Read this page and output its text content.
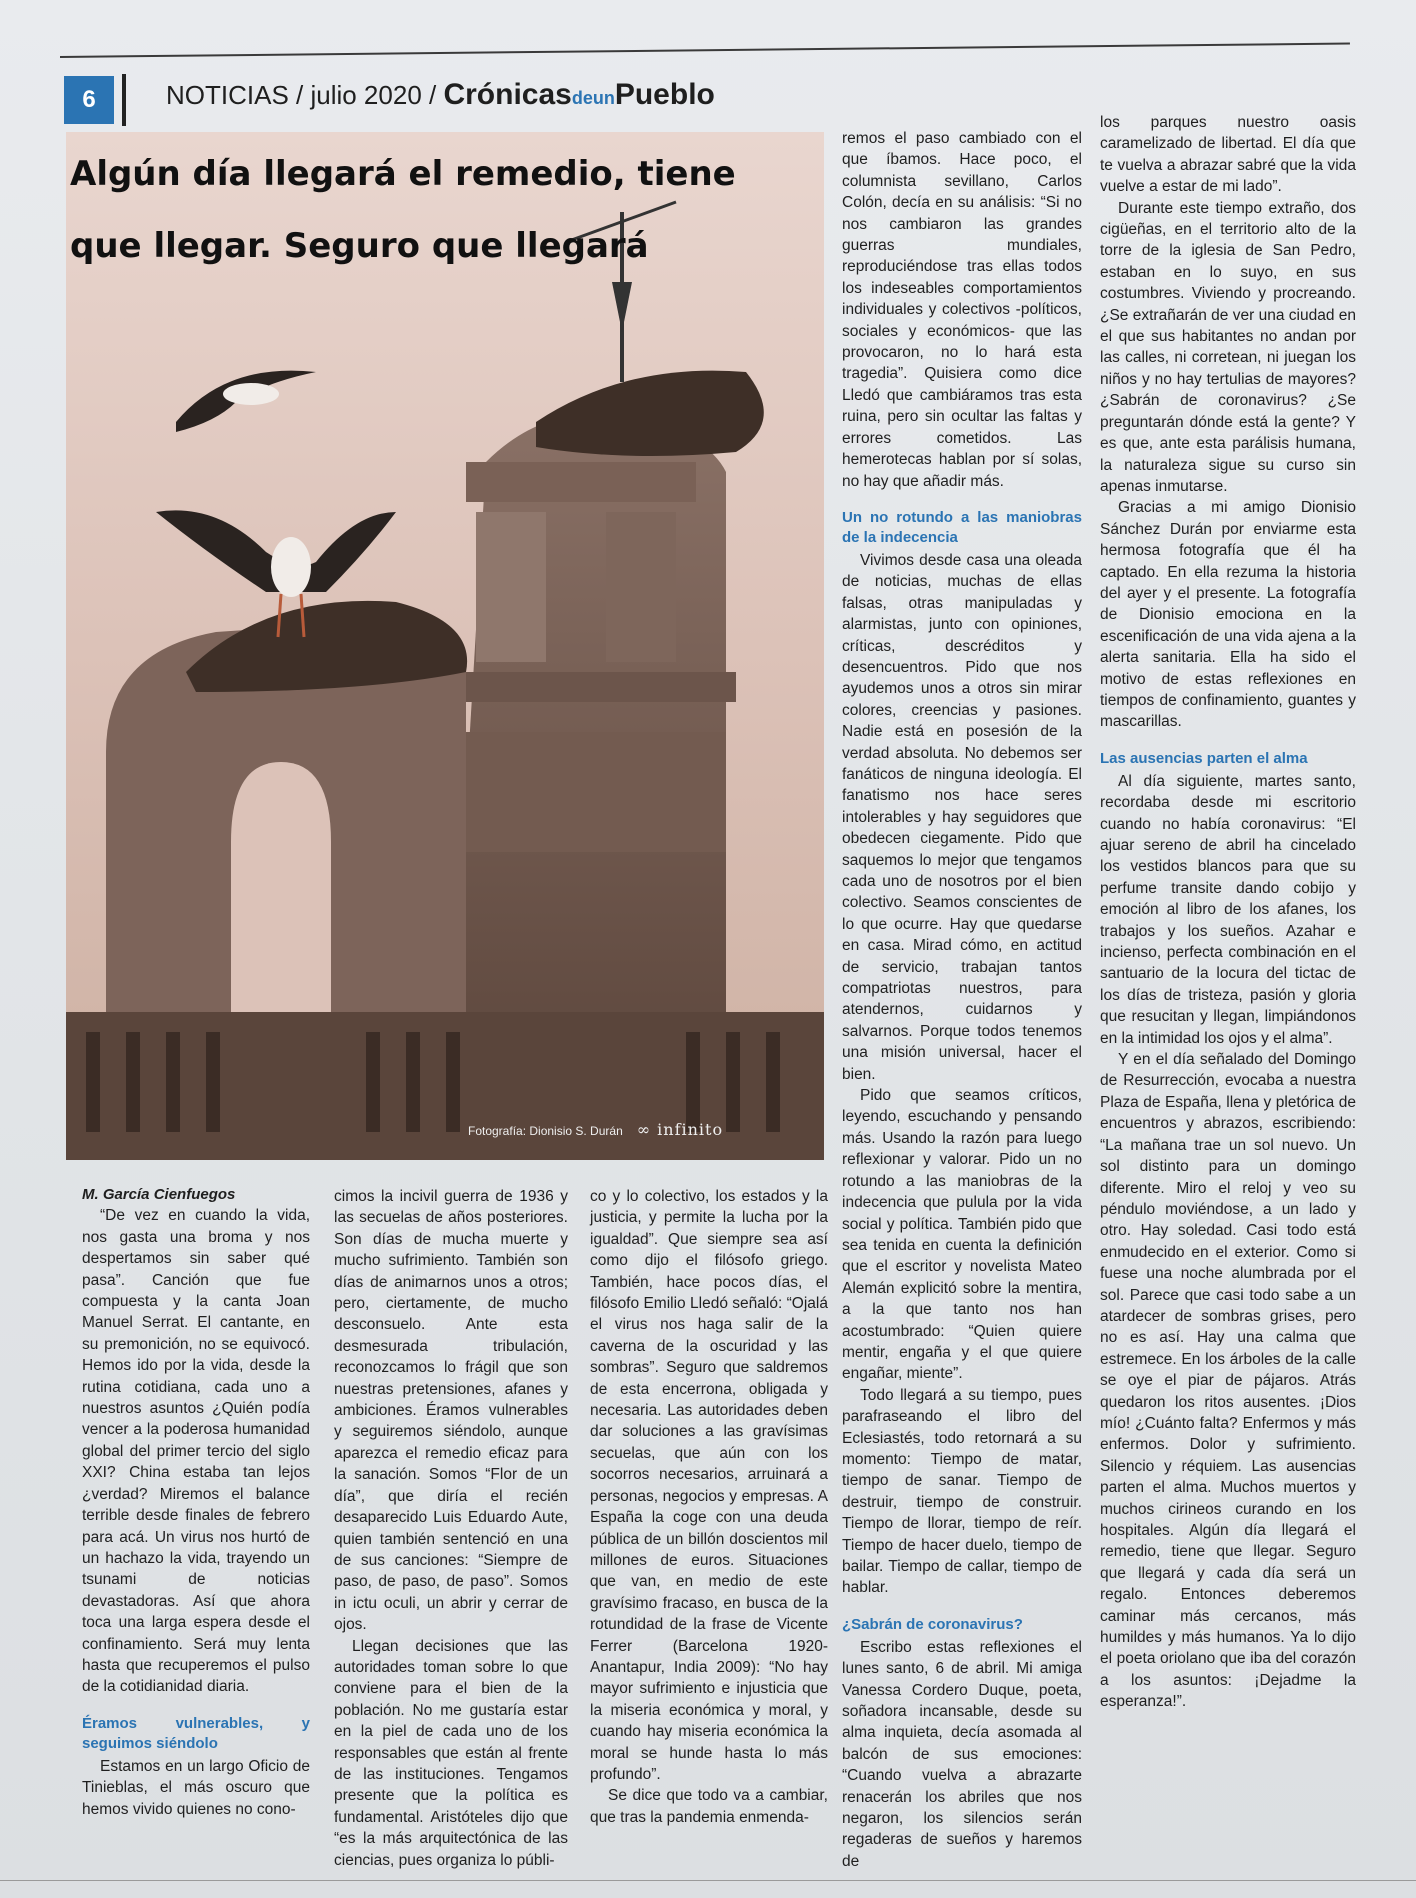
6	NOTICIAS / julio 2020 / CrónicasdeunPueblo
Algún día llegará el remedio, tiene que llegar. Seguro que llegará
Fotografía: Dionisio S. Durán ∞ infinito

M. García Cienfuegos

“De vez en cuando la vida, nos gasta una broma y nos despertamos sin saber qué pasa”. Canción que fue compuesta y la canta Joan Manuel Serrat. El cantante, en su premonición, no se equivocó. Hemos ido por la vida, desde la rutina cotidiana, cada uno a nuestros asuntos ¿Quién podía vencer a la poderosa humanidad global del primer tercio del siglo XXI? China estaba tan lejos ¿verdad? Miremos el balance terrible desde finales de febrero para acá. Un virus nos hurtó de un hachazo la vida, trayendo un tsunami de noticias devastadoras. Así que ahora toca una larga espera desde el confinamiento. Será muy lenta hasta que recuperemos el pulso de la cotidianidad diaria.

Éramos vulnerables, y seguimos siéndolo

Estamos en un largo Oficio de Tinieblas, el más oscuro que hemos vivido quienes no cono-

cimos la incivil guerra de 1936 y las secuelas de años posteriores. Son días de mucha muerte y mucho sufrimiento. También son días de animarnos unos a otros; pero, ciertamente, de mucho desconsuelo. Ante esta desmesurada tribulación, reconozcamos lo frágil que son nuestras pretensiones, afanes y ambiciones. Éramos vulnerables y seguiremos siéndolo, aunque aparezca el remedio eficaz para la sanación. Somos “Flor de un día”, que diría el recién desaparecido Luis Eduardo Aute, quien también sentenció en una de sus canciones: “Siempre de paso, de paso, de paso”. Somos in ictu oculi, un abrir y cerrar de ojos.

Llegan decisiones que las autoridades toman sobre lo que conviene para el bien de la población. No me gustaría estar en la piel de cada uno de los responsables que están al frente de las instituciones. Tengamos presente que la política es fundamental. Aristóteles dijo que “es la más arquitectónica de las ciencias, pues organiza lo públi-

co y lo colectivo, los estados y la justicia, y permite la lucha por la igualdad”. Que siempre sea así como dijo el filósofo griego. También, hace pocos días, el filósofo Emilio Lledó señaló: “Ojalá el virus nos haga salir de la caverna de la oscuridad y las sombras”. Seguro que saldremos de esta encerrona, obligada y necesaria. Las autoridades deben dar soluciones a las gravísimas secuelas, que aún con los socorros necesarios, arruinará a personas, negocios y empresas. A España la coge con una deuda pública de un billón doscientos mil millones de euros. Situaciones que van, en medio de este gravísimo fracaso, en busca de la rotundidad de la frase de Vicente Ferrer (Barcelona 1920-Anantapur, India 2009): “No hay mayor sufrimiento e injusticia que la miseria económica y moral, y cuando hay miseria económica la moral se hunde hasta lo más profundo”.

Se dice que todo va a cambiar, que tras la pandemia enmenda-

remos el paso cambiado con el que íbamos. Hace poco, el columnista sevillano, Carlos Colón, decía en su análisis: “Si no nos cambiaron las grandes guerras mundiales, reproduciéndose tras ellas todos los indeseables comportamientos individuales y colectivos -políticos, sociales y económicos- que las provocaron, no lo hará esta tragedia”. Quisiera como dice Lledó que cambiáramos tras esta ruina, pero sin ocultar las faltas y errores cometidos. Las hemerotecas hablan por sí solas, no hay que añadir más.

Un no rotundo a las maniobras de la indecencia

Vivimos desde casa una oleada de noticias, muchas de ellas falsas, otras manipuladas y alarmistas, junto con opiniones, críticas, descréditos y desencuentros. Pido que nos ayudemos unos a otros sin mirar colores, creencias y pasiones. Nadie está en posesión de la verdad absoluta. No debemos ser fanáticos de ninguna ideología. El fanatismo nos hace seres intolerables y hay seguidores que obedecen ciegamente. Pido que saquemos lo mejor que tengamos cada uno de nosotros por el bien colectivo. Seamos conscientes de lo que ocurre. Hay que quedarse en casa. Mirad cómo, en actitud de servicio, trabajan tantos compatriotas nuestros, para atendernos, cuidarnos y salvarnos. Porque todos tenemos una misión universal, hacer el bien.

Pido que seamos críticos, leyendo, escuchando y pensando más. Usando la razón para luego reflexionar y valorar. Pido un no rotundo a las maniobras de la indecencia que pulula por la vida social y política. También pido que sea tenida en cuenta la definición que el escritor y novelista Mateo Alemán explicitó sobre la mentira, a la que tanto nos han acostumbrado: “Quien quiere mentir, engaña y el que quiere engañar, miente”.

Todo llegará a su tiempo, pues parafraseando el libro del Eclesiastés, todo retornará a su momento: Tiempo de matar, tiempo de sanar. Tiempo de destruir, tiempo de construir. Tiempo de llorar, tiempo de reír. Tiempo de hacer duelo, tiempo de bailar. Tiempo de callar, tiempo de hablar.

¿Sabrán de coronavirus?

Escribo estas reflexiones el lunes santo, 6 de abril. Mi amiga Vanessa Cordero Duque, poeta, soñadora incansable, desde su alma inquieta, decía asomada al balcón de sus emociones: “Cuando vuelva a abrazarte renacerán los abriles que nos negaron, los silencios serán regaderas de sueños y haremos de

los parques nuestro oasis caramelizado de libertad. El día que te vuelva a abrazar sabré que la vida vuelve a estar de mi lado”.

Durante este tiempo extraño, dos cigüeñas, en el territorio alto de la torre de la iglesia de San Pedro, estaban en lo suyo, en sus costumbres. Viviendo y procreando. ¿Se extrañarán de ver una ciudad en el que sus habitantes no andan por las calles, ni corretean, ni juegan los niños y no hay tertulias de mayores? ¿Sabrán de coronavirus? ¿Se preguntarán dónde está la gente? Y es que, ante esta parálisis humana, la naturaleza sigue su curso sin apenas inmutarse.

Gracias a mi amigo Dionisio Sánchez Durán por enviarme esta hermosa fotografía que él ha captado. En ella rezuma la historia del ayer y el presente. La fotografía de Dionisio emociona en la escenificación de una vida ajena a la alerta sanitaria. Ella ha sido el motivo de estas reflexiones en tiempos de confinamiento, guantes y mascarillas.

Las ausencias parten el alma

Al día siguiente, martes santo, recordaba desde mi escritorio cuando no había coronavirus: “El ajuar sereno de abril ha cincelado los vestidos blancos para que su perfume transite dando cobijo y emoción al libro de los afanes, los trabajos y los sueños. Azahar e incienso, perfecta combinación en el santuario de la locura del tictac de los días de tristeza, pasión y gloria que resucitan y llegan, limpiándonos en la intimidad los ojos y el alma”.

Y en el día señalado del Domingo de Resurrección, evocaba a nuestra Plaza de España, llena y pletórica de encuentros y abrazos, escribiendo: “La mañana trae un sol nuevo. Un sol distinto para un domingo diferente. Miro el reloj y veo su péndulo moviéndose, a un lado y otro. Hay soledad. Casi todo está enmudecido en el exterior. Como si fuese una noche alumbrada por el sol. Parece que casi todo sabe a un atardecer de sombras grises, pero no es así. Hay una calma que estremece. En los árboles de la calle se oye el piar de pájaros. Atrás quedaron los ritos ausentes. ¡Dios mío! ¿Cuánto falta? Enfermos y más enfermos. Dolor y sufrimiento. Silencio y réquiem. Las ausencias parten el alma. Muchos muertos y muchos cirineos curando en los hospitales. Algún día llegará el remedio, tiene que llegar. Seguro que llegará y cada día será un regalo. Entonces deberemos caminar más cercanos, más humildes y más humanos. Ya lo dijo el poeta oriolano que iba del corazón a los asuntos: ¡Dejadme la esperanza!”.
